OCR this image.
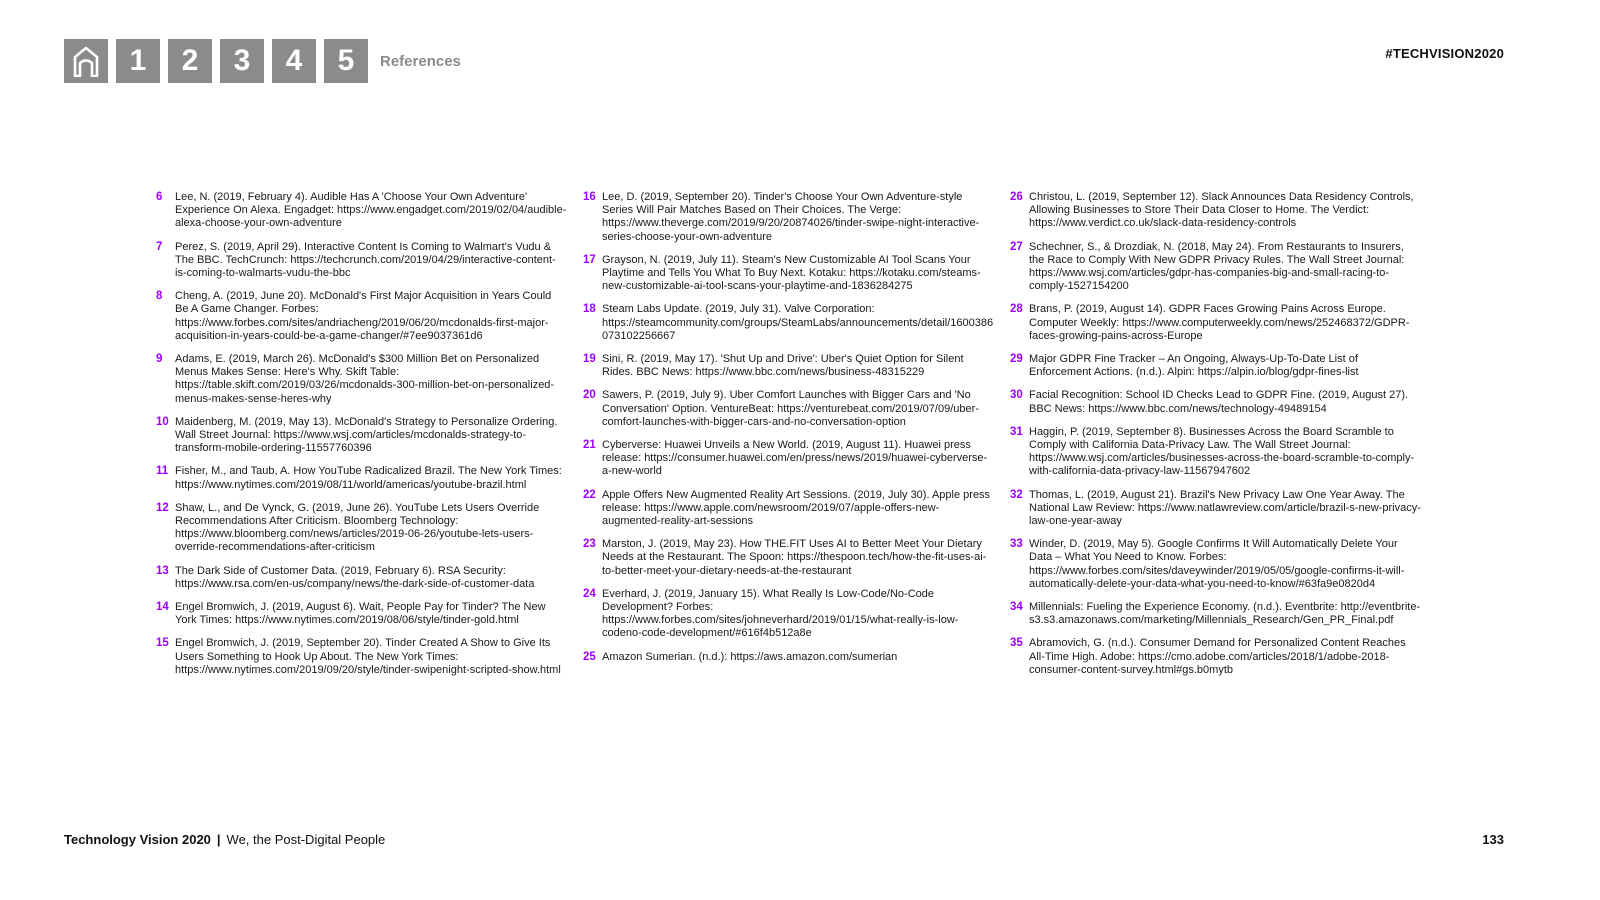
1	2	3	4	5	References	#TECHVISION2020
6	Lee, N. (2019, February 4). Audible Has A 'Choose Your Own Adventure' Experience On Alexa. Engadget: https://www.engadget.com/2019/02/04/audible-alexa-choose-your-own-adventure
7	Perez, S. (2019, April 29). Interactive Content Is Coming to Walmart's Vudu & The BBC. TechCrunch: https://techcrunch.com/2019/04/29/interactive-content-is-coming-to-walmarts-vudu-the-bbc
8	Cheng, A. (2019, June 20). McDonald's First Major Acquisition in Years Could Be A Game Changer. Forbes: https://www.forbes.com/sites/andriacheng/2019/06/20/mcdonalds-first-major-acquisition-in-years-could-be-a-game-changer/#7ee9037361d6
9	Adams, E. (2019, March 26). McDonald's $300 Million Bet on Personalized Menus Makes Sense: Here's Why. Skift Table: https://table.skift.com/2019/03/26/mcdonalds-300-million-bet-on-personalized-menus-makes-sense-heres-why
10 Maidenberg, M. (2019, May 13). McDonald's Strategy to Personalize Ordering. Wall Street Journal: https://www.wsj.com/articles/mcdonalds-strategy-to-transform-mobile-ordering-11557760396
11 Fisher, M., and Taub, A. How YouTube Radicalized Brazil. The New York Times: https://www.nytimes.com/2019/08/11/world/americas/youtube-brazil.html
12 Shaw, L., and De Vynck, G. (2019, June 26). YouTube Lets Users Override Recommendations After Criticism. Bloomberg Technology: https://www.bloomberg.com/news/articles/2019-06-26/youtube-lets-users-override-recommendations-after-criticism
13 The Dark Side of Customer Data. (2019, February 6). RSA Security: https://www.rsa.com/en-us/company/news/the-dark-side-of-customer-data
14 Engel Bromwich, J. (2019, August 6). Wait, People Pay for Tinder? The New York Times: https://www.nytimes.com/2019/08/06/style/tinder-gold.html
15 Engel Bromwich, J. (2019, September 20). Tinder Created A Show to Give Its Users Something to Hook Up About. The New York Times: https://www.nytimes.com/2019/09/20/style/tinder-swipenight-scripted-show.html
16 Lee, D. (2019, September 20). Tinder's Choose Your Own Adventure-style Series Will Pair Matches Based on Their Choices. The Verge: https://www.theverge.com/2019/9/20/20874026/tinder-swipe-night-interactive-series-choose-your-own-adventure
17 Grayson, N. (2019, July 11). Steam's New Customizable AI Tool Scans Your Playtime and Tells You What To Buy Next. Kotaku: https://kotaku.com/steams-new-customizable-ai-tool-scans-your-playtime-and-1836284275
18 Steam Labs Update. (2019, July 31). Valve Corporation: https://steamcommunity.com/groups/SteamLabs/announcements/detail/1600386073102256667
19 Sini, R. (2019, May 17). 'Shut Up and Drive': Uber's Quiet Option for Silent Rides. BBC News: https://www.bbc.com/news/business-48315229
20 Sawers, P. (2019, July 9). Uber Comfort Launches with Bigger Cars and 'No Conversation' Option. VentureBeat: https://venturebeat.com/2019/07/09/uber-comfort-launches-with-bigger-cars-and-no-conversation-option
21 Cyberverse: Huawei Unveils a New World. (2019, August 11). Huawei press release: https://consumer.huawei.com/en/press/news/2019/huawei-cyberverse-a-new-world
22 Apple Offers New Augmented Reality Art Sessions. (2019, July 30). Apple press release: https://www.apple.com/newsroom/2019/07/apple-offers-new-augmented-reality-art-sessions
23 Marston, J. (2019, May 23). How THE.FIT Uses AI to Better Meet Your Dietary Needs at the Restaurant. The Spoon: https://thespoon.tech/how-the-fit-uses-ai-to-better-meet-your-dietary-needs-at-the-restaurant
24 Everhard, J. (2019, January 15). What Really Is Low-Code/No-Code Development? Forbes: https://www.forbes.com/sites/johneverhard/2019/01/15/what-really-is-low-codeno-code-development/#616f4b512a8e
25 Amazon Sumerian. (n.d.): https://aws.amazon.com/sumerian
26 Christou, L. (2019, September 12). Slack Announces Data Residency Controls, Allowing Businesses to Store Their Data Closer to Home. The Verdict: https://www.verdict.co.uk/slack-data-residency-controls
27 Schechner, S., & Drozdiak, N. (2018, May 24). From Restaurants to Insurers, the Race to Comply With New GDPR Privacy Rules. The Wall Street Journal: https://www.wsj.com/articles/gdpr-has-companies-big-and-small-racing-to-comply-1527154200
28 Brans, P. (2019, August 14). GDPR Faces Growing Pains Across Europe. Computer Weekly: https://www.computerweekly.com/news/252468372/GDPR-faces-growing-pains-across-Europe
29 Major GDPR Fine Tracker – An Ongoing, Always-Up-To-Date List of Enforcement Actions. (n.d.). Alpin: https://alpin.io/blog/gdpr-fines-list
30 Facial Recognition: School ID Checks Lead to GDPR Fine. (2019, August 27). BBC News: https://www.bbc.com/news/technology-49489154
31 Haggin, P. (2019, September 8). Businesses Across the Board Scramble to Comply with California Data-Privacy Law. The Wall Street Journal: https://www.wsj.com/articles/businesses-across-the-board-scramble-to-comply-with-california-data-privacy-law-11567947602
32 Thomas, L. (2019, August 21). Brazil's New Privacy Law One Year Away. The National Law Review: https://www.natlawreview.com/article/brazil-s-new-privacy-law-one-year-away
33 Winder, D. (2019, May 5). Google Confirms It Will Automatically Delete Your Data – What You Need to Know. Forbes: https://www.forbes.com/sites/daveywinder/2019/05/05/google-confirms-it-will-automatically-delete-your-data-what-you-need-to-know/#63fa9e0820d4
34 Millennials: Fueling the Experience Economy. (n.d.). Eventbrite: http://eventbrite-s3.s3.amazonaws.com/marketing/Millennials_Research/Gen_PR_Final.pdf
35 Abramovich, G. (n.d.). Consumer Demand for Personalized Content Reaches All-Time High. Adobe: https://cmo.adobe.com/articles/2018/1/adobe-2018-consumer-content-survey.html#gs.b0mytb
Technology Vision 2020 | We, the Post-Digital People	133
